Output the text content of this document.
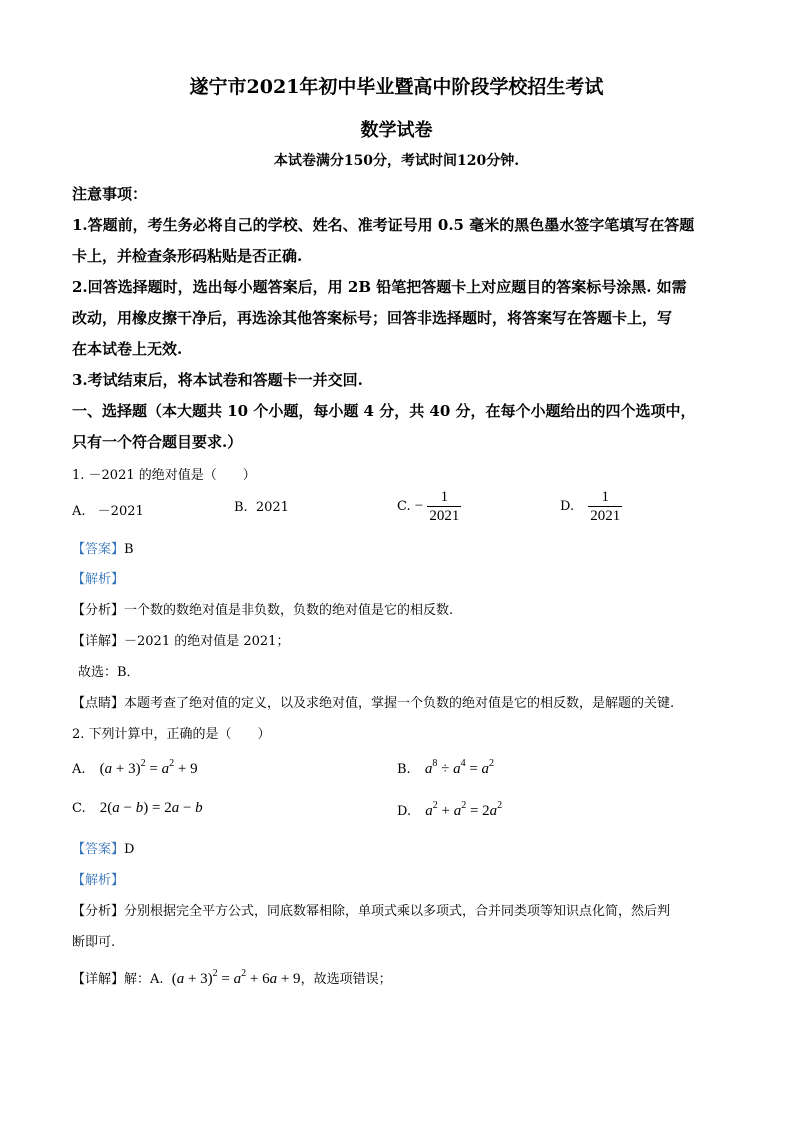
遂宁市2021年初中毕业暨高中阶段学校招生考试
数学试卷
本试卷满分150分，考试时间120分钟.
注意事项：
1.答题前，考生务必将自己的学校、姓名、准考证号用 0.5 毫米的黑色墨水签字笔填写在答题
卡上，并检查条形码粘贴是否正确.
2.回答选择题时，选出每小题答案后，用 2B 铅笔把答题卡上对应题目的答案标号涂黑. 如需
改动，用橡皮擦干净后，再选涂其他答案标号；回答非选择题时，将答案写在答题卡上，写
在本试卷上无效.
3.考试结束后，将本试卷和答题卡一并交回.
一、选择题（本大题共 10 个小题，每小题 4 分，共 40 分，在每个小题给出的四个选项中，
只有一个符合题目要求.）
1. －2021 的绝对值是（　　）
A. －2021	B. 2021	C. − $\frac{1}{2021}$	D. $\frac{1}{2021}$
【答案】B
【解析】
【分析】一个数的数绝对值是非负数，负数的绝对值是它的相反数.
【详解】－2021 的绝对值是 2021；
故选：B．
【点睛】本题考查了绝对值的定义，以及求绝对值，掌握一个负数的绝对值是它的相反数，是解题的关键.
2. 下列计算中，正确的是（　　）
A. $(a + 3)^2 = a^2 + 9$	B. $a^8 \div a^4 = a^2$
C. 2(a − b) = 2a − b	D. $a^2 + a^2 = 2a^2$
【答案】D
【解析】
【分析】分别根据完全平方公式，同底数幂相除，单项式乘以多项式，合并同类项等知识点化简，然后判
断即可.
【详解】解：A. $(a + 3)^2 = a^2 + 6a + 9$，故选项错误；
